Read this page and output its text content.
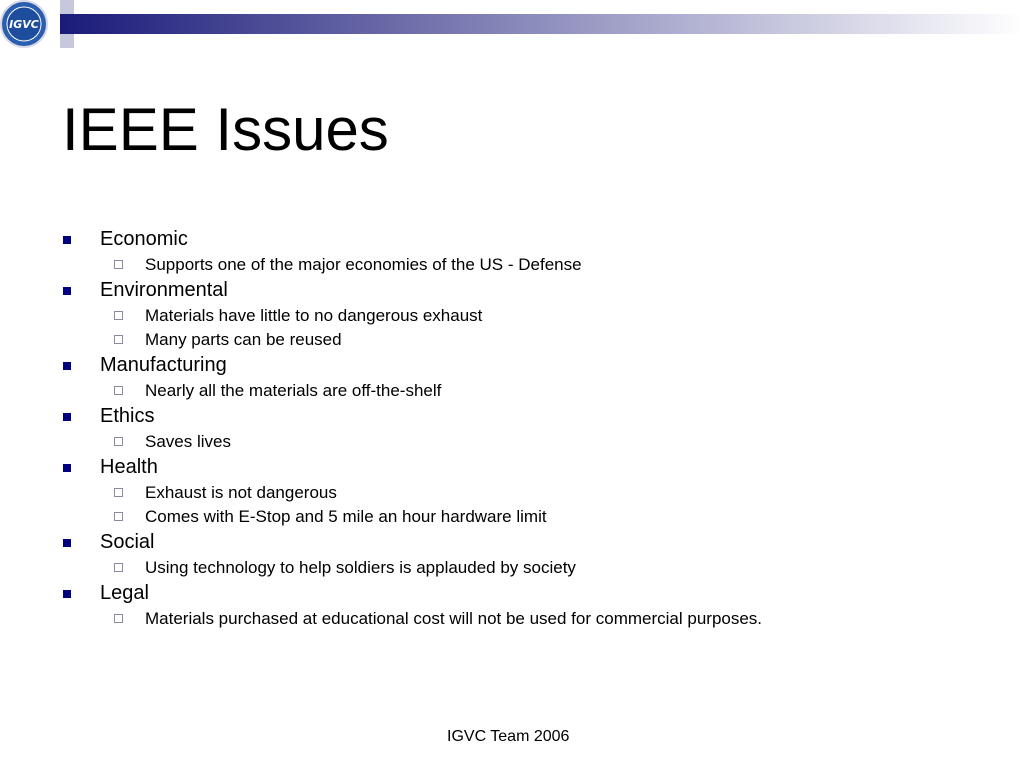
IGVC
IEEE Issues
Economic
Supports one of the major economies of the US - Defense
Environmental
Materials have little to no dangerous exhaust
Many parts can be reused
Manufacturing
Nearly all the materials are off-the-shelf
Ethics
Saves lives
Health
Exhaust is not dangerous
Comes with E-Stop and 5 mile an hour hardware limit
Social
Using technology to help soldiers is applauded by society
Legal
Materials purchased at educational cost will not be used for commercial purposes.
IGVC Team 2006
